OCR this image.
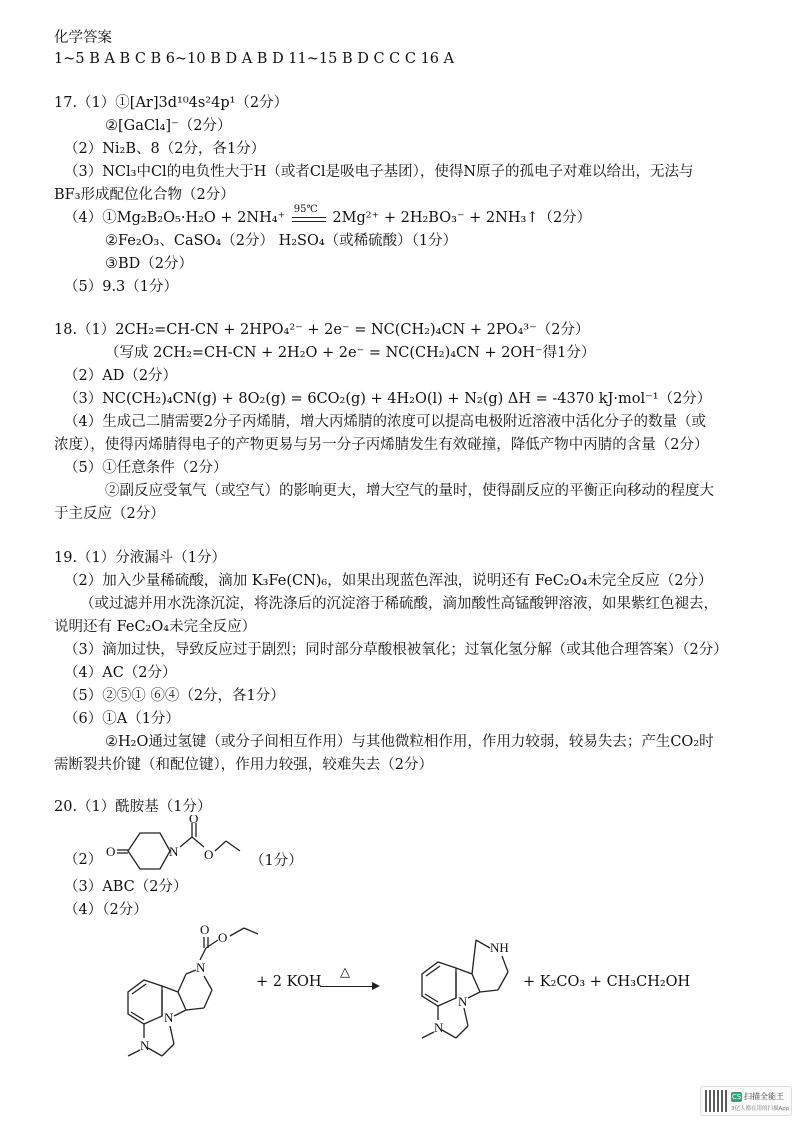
化学答案
1~5 B A B C B 6~10 B D A B D 11~15 B D C C C 16 A
17.（1）①[Ar]3d¹⁰4s²4p¹（2分）
②[GaCl₄]⁻（2分）
（2）Ni₂B、8（2分，各1分）
（3）NCl₃中Cl的电负性大于H（或者Cl是吸电子基团），使得N原子的孤电子对难以给出，无法与
BF₃形成配位化合物（2分）
（4）①Mg₂B₂O₅·H₂O + 2NH₄⁺
95℃
2Mg²⁺ + 2H₂BO₃⁻ + 2NH₃↑（2分）
②Fe₂O₃、CaSO₄（2分） H₂SO₄（或稀硫酸）（1分）
③BD（2分）
（5）9.3（1分）
18.（1）2CH₂=CH-CN + 2HPO₄²⁻ + 2e⁻ = NC(CH₂)₄CN + 2PO₄³⁻（2分）
（写成 2CH₂=CH-CN + 2H₂O + 2e⁻ = NC(CH₂)₄CN + 2OH⁻得1分）
（2）AD（2分）
（3）NC(CH₂)₄CN(g) + 8O₂(g) = 6CO₂(g) + 4H₂O(l) + N₂(g) ΔH = -4370 kJ·mol⁻¹（2分）
（4）生成己二腈需要2分子丙烯腈，增大丙烯腈的浓度可以提高电极附近溶液中活化分子的数量（或
浓度），使得丙烯腈得电子的产物更易与另一分子丙烯腈发生有效碰撞，降低产物中丙腈的含量（2分）
（5）①任意条件（2分）
②副反应受氧气（或空气）的影响更大，增大空气的量时，使得副反应的平衡正向移动的程度大
于主反应（2分）
19.（1）分液漏斗（1分）
（2）加入少量稀硫酸，滴加 K₃Fe(CN)₆，如果出现蓝色浑浊，说明还有 FeC₂O₄未完全反应（2分）
（或过滤并用水洗涤沉淀，将洗涤后的沉淀溶于稀硫酸，滴加酸性高锰酸钾溶液，如果紫红色褪去，
说明还有 FeC₂O₄未完全反应）
（3）滴加过快，导致反应过于剧烈；同时部分草酸根被氧化；过氧化氢分解（或其他合理答案）（2分）
（4）AC（2分）
（5）②⑤① ⑥④（2分，各1分）
（6）①A（1分）
②H₂O通过氢键（或分子间相互作用）与其他微粒相作用，作用力较弱，较易失去；产生CO₂时
需断裂共价键（和配位键），作用力较强，较难失去（2分）
20.（1）酰胺基（1分）
（2）
O	N
O
O	（1分）
（3）ABC（2分）
（4）（2分）
O
O
N
N
N
+ 2 KOH
△
NH
N
N
+ K₂CO₃ + CH₃CH₂OH
CS 扫描全能王
3亿人都在用的扫描App
